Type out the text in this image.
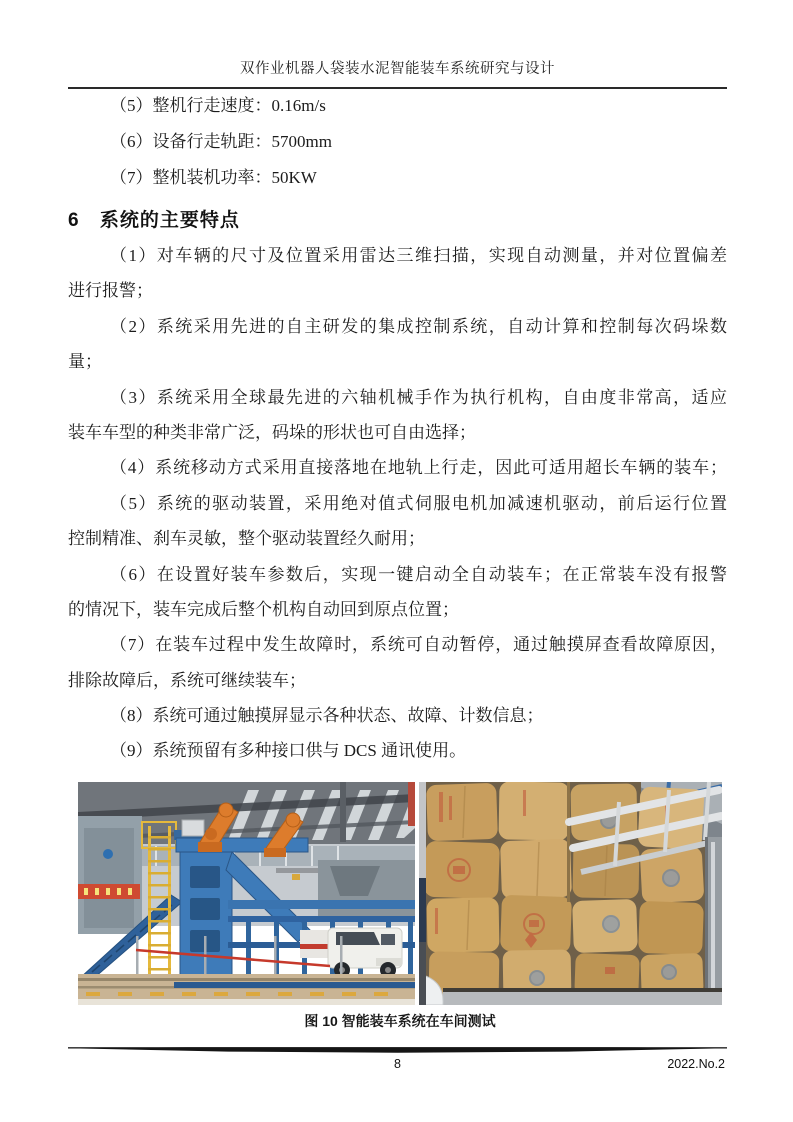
双作业机器人袋装水泥智能装车系统研究与设计
（5）整机行走速度：0.16m/s
（6）设备行走轨距：5700mm
（7）整机装机功率：50KW
6 系统的主要特点
（1）对车辆的尺寸及位置采用雷达三维扫描，实现自动测量，并对位置偏差
进行报警；
（2）系统采用先进的自主研发的集成控制系统，自动计算和控制每次码垛数
量；
（3）系统采用全球最先进的六轴机械手作为执行机构，自由度非常高，适应
装车车型的种类非常广泛，码垛的形状也可自由选择；
（4）系统移动方式采用直接落地在地轨上行走，因此可适用超长车辆的装车；
（5）系统的驱动装置，采用绝对值式伺服电机加减速机驱动，前后运行位置
控制精准、刹车灵敏，整个驱动装置经久耐用；
（6）在设置好装车参数后，实现一键启动全自动装车；在正常装车没有报警
的情况下，装车完成后整个机构自动回到原点位置；
（7）在装车过程中发生故障时，系统可自动暂停，通过触摸屏查看故障原因，
排除故障后，系统可继续装车；
（8）系统可通过触摸屏显示各种状态、故障、计数信息；
（9）系统预留有多种接口供与 DCS 通讯使用。
图 10 智能装车系统在车间测试
8	2022.No.2
